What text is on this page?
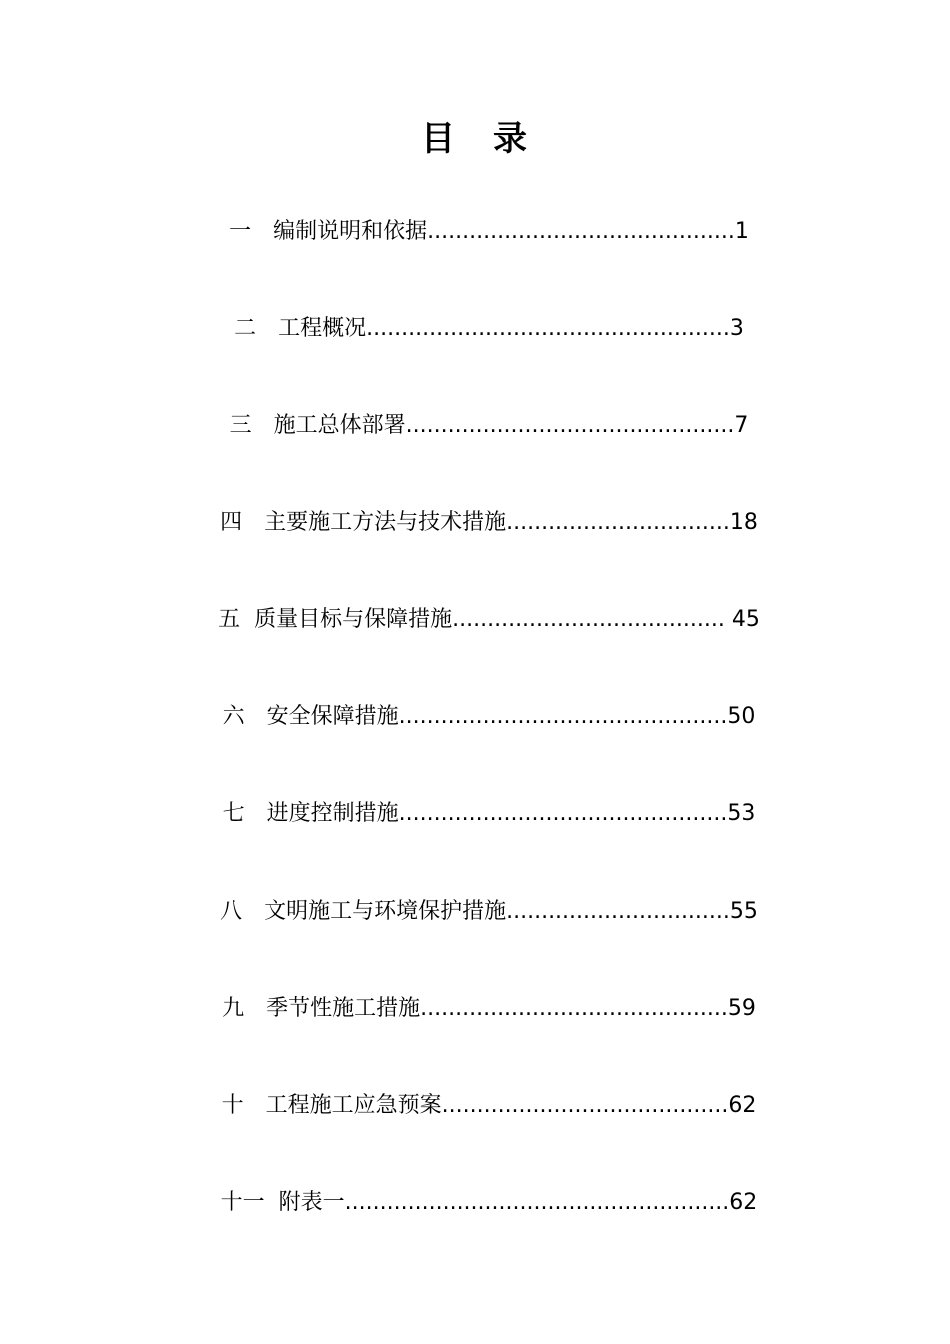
目　录

一　编制说明和依据............................................1

二　工程概况....................................................3

三　施工总体部署...............................................7

四　主要施工方法与技术措施................................18

五  质量目标与保障措施....................................... 45

六　安全保障措施...............................................50

七　进度控制措施...............................................53

八　文明施工与环境保护措施................................55

九　季节性施工措施............................................59

十　工程施工应急预案.........................................62

十一  附表一.......................................................62
